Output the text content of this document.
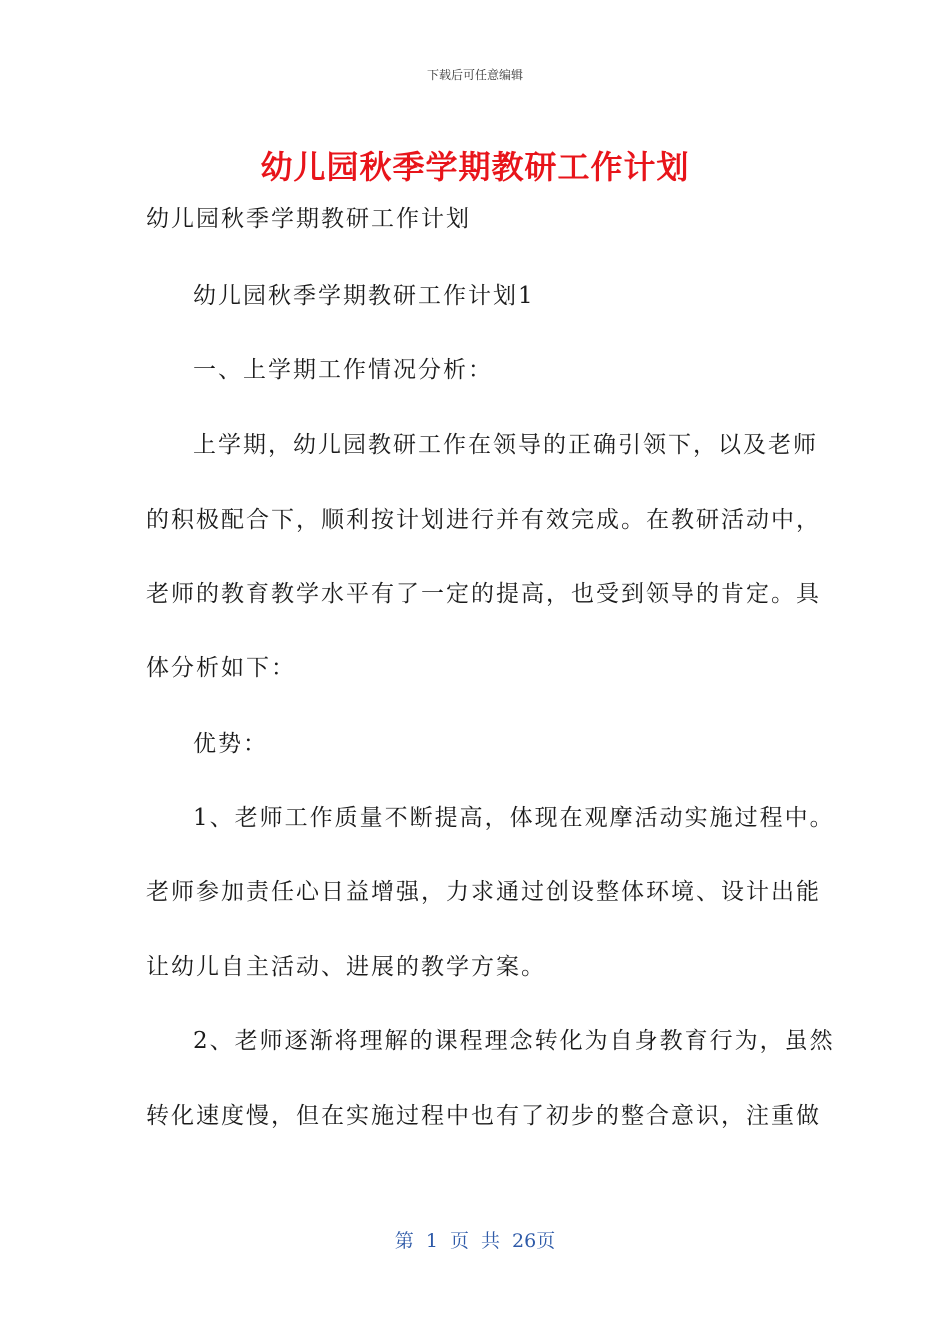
下载后可任意编辑
幼儿园秋季学期教研工作计划
幼儿园秋季学期教研工作计划
幼儿园秋季学期教研工作计划1
一、上学期工作情况分析：
上学期，幼儿园教研工作在领导的正确引领下，以及老师
的积极配合下，顺利按计划进行并有效完成。在教研活动中，
老师的教育教学水平有了一定的提高，也受到领导的肯定。具
体分析如下：
优势：
1、老师工作质量不断提高，体现在观摩活动实施过程中。
老师参加责任心日益增强，力求通过创设整体环境、设计出能
让幼儿自主活动、进展的教学方案。
2、老师逐渐将理解的课程理念转化为自身教育行为，虽然
转化速度慢，但在实施过程中也有了初步的整合意识，注重做
第 1 页 共 26页
